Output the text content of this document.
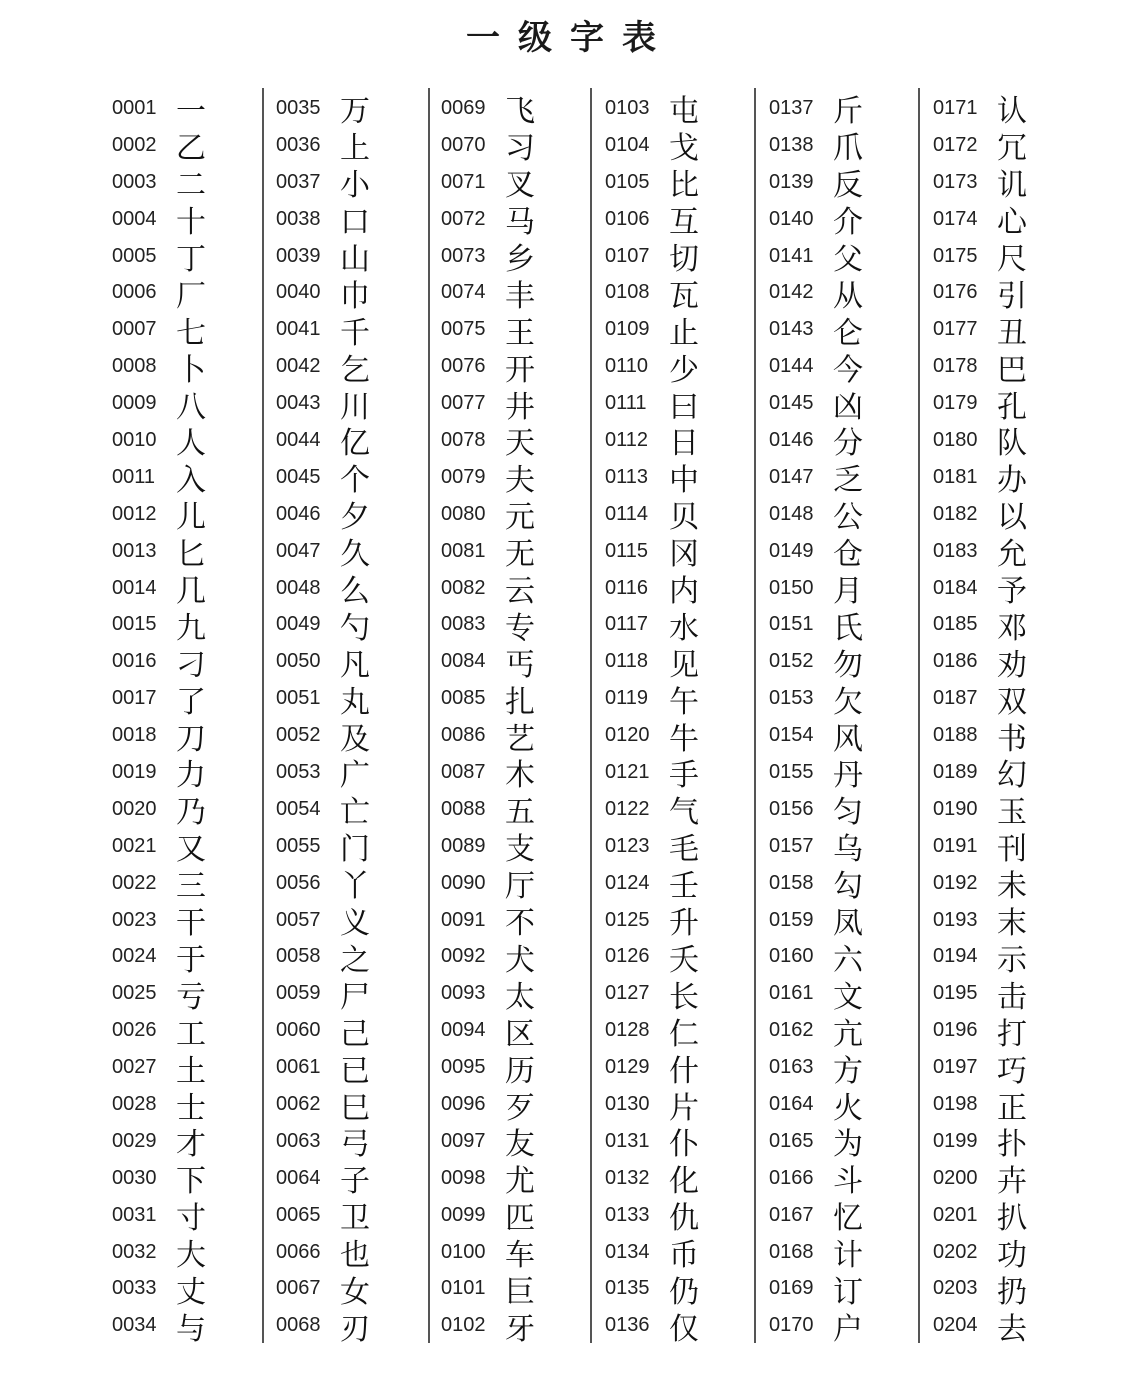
一级字表
0001 一
0002 乙
0003 二
0004 十
0005 丁
0006 厂
0007 七
0008 卜
0009 八
0010 人
0011 入
0012 儿
0013 匕
0014 几
0015 九
0016 刁
0017 了
0018 刀
0019 力
0020 乃
0021 又
0022 三
0023 干
0024 于
0025 亏
0026 工
0027 土
0028 士
0029 才
0030 下
0031 寸
0032 大
0033 丈
0034 与
0035 万
0036 上
0037 小
0038 口
0039 山
0040 巾
0041 千
0042 乞
0043 川
0044 亿
0045 个
0046 夕
0047 久
0048 么
0049 勺
0050 凡
0051 丸
0052 及
0053 广
0054 亡
0055 门
0056 丫
0057 义
0058 之
0059 尸
0060 己
0061 已
0062 巳
0063 弓
0064 子
0065 卫
0066 也
0067 女
0068 刃
0069 飞
0070 习
0071 叉
0072 马
0073 乡
0074 丰
0075 王
0076 开
0077 井
0078 天
0079 夫
0080 元
0081 无
0082 云
0083 专
0084 丐
0085 扎
0086 艺
0087 木
0088 五
0089 支
0090 厅
0091 不
0092 犬
0093 太
0094 区
0095 历
0096 歹
0097 友
0098 尤
0099 匹
0100 车
0101 巨
0102 牙
0103 屯
0104 戈
0105 比
0106 互
0107 切
0108 瓦
0109 止
0110 少
0111 曰
0112 日
0113 中
0114 贝
0115 冈
0116 内
0117 水
0118 见
0119 午
0120 牛
0121 手
0122 气
0123 毛
0124 壬
0125 升
0126 夭
0127 长
0128 仁
0129 什
0130 片
0131 仆
0132 化
0133 仇
0134 币
0135 仍
0136 仅
0137 斤
0138 爪
0139 反
0140 介
0141 父
0142 从
0143 仑
0144 今
0145 凶
0146 分
0147 乏
0148 公
0149 仓
0150 月
0151 氏
0152 勿
0153 欠
0154 风
0155 丹
0156 匀
0157 乌
0158 勾
0159 凤
0160 六
0161 文
0162 亢
0163 方
0164 火
0165 为
0166 斗
0167 忆
0168 计
0169 订
0170 户
0171 认
0172 冗
0173 讥
0174 心
0175 尺
0176 引
0177 丑
0178 巴
0179 孔
0180 队
0181 办
0182 以
0183 允
0184 予
0185 邓
0186 劝
0187 双
0188 书
0189 幻
0190 玉
0191 刊
0192 未
0193 末
0194 示
0195 击
0196 打
0197 巧
0198 正
0199 扑
0200 卉
0201 扒
0202 功
0203 扔
0204 去
